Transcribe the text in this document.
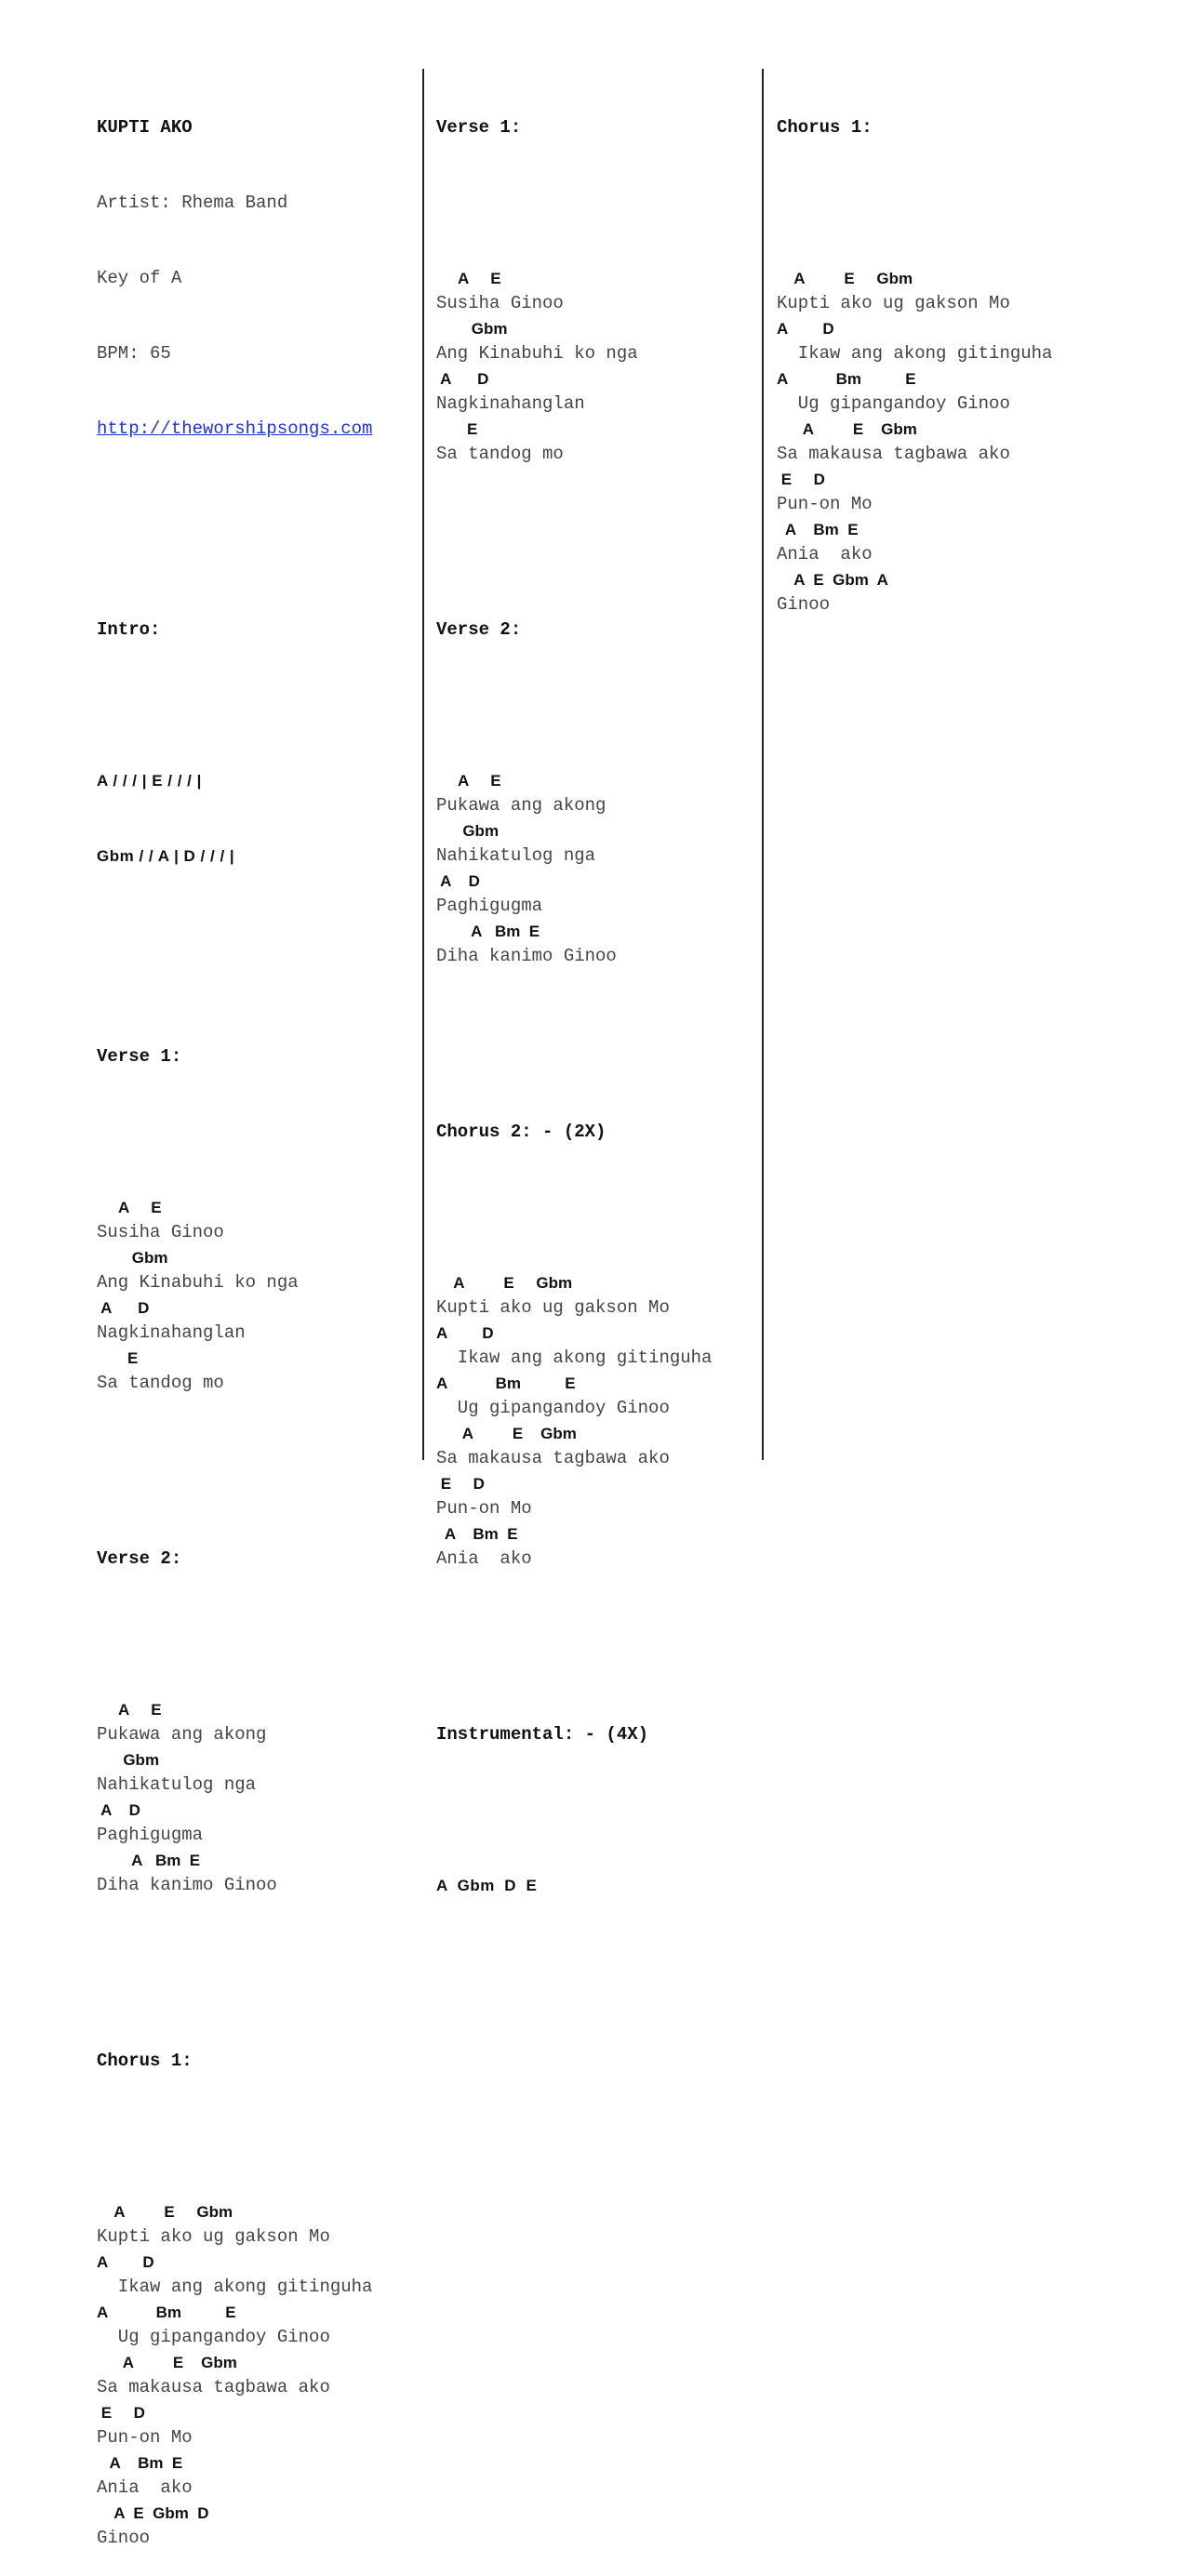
KUPTI AKO

Artist: Rhema Band

Key of A

BPM: 65

http://theworshipsongs.com

Intro:

A / / / | E / / / |

Gbm / / A | D / / / |

Verse 1:

A     E
Susiha Ginoo
Gbm
Ang Kinabuhi ko nga
A      D
Nagkinahanglan
E
Sa tandog mo

Verse 2:

A     E
Pukawa ang akong
Gbm
Nahikatulog nga
A    D
Paghigugma
A   Bm  E
Diha kanimo Ginoo

Chorus 1:

A         E     Gbm
Kupti ako ug gakson Mo
A        D
Ikaw ang akong gitinguha
A           Bm          E
Ug gipangandoy Ginoo
A         E    Gbm
Sa makausa tagbawa ako
E     D
Pun-on Mo
A    Bm  E
Ania  ako
A  E  Gbm  D
Ginoo

Verse 1:

A     E
Susiha Ginoo
Gbm
Ang Kinabuhi ko nga
A      D
Nagkinahanglan
E
Sa tandog mo

Verse 2:

A     E
Pukawa ang akong
Gbm
Nahikatulog nga
A    D
Paghigugma
A   Bm  E
Diha kanimo Ginoo

Chorus 2: - (2X)

A         E     Gbm
Kupti ako ug gakson Mo
A        D
Ikaw ang akong gitinguha
A           Bm          E
Ug gipangandoy Ginoo
A         E    Gbm
Sa makausa tagbawa ako
E     D
Pun-on Mo
A    Bm  E
Ania  ako

Instrumental: - (4X)

A  Gbm  D  E

Chorus 1:

A         E     Gbm
Kupti ako ug gakson Mo
A        D
Ikaw ang akong gitinguha
A           Bm          E
Ug gipangandoy Ginoo
A         E    Gbm
Sa makausa tagbawa ako
E     D
Pun-on Mo
A    Bm  E
Ania  ako
A  E  Gbm  A
Ginoo
